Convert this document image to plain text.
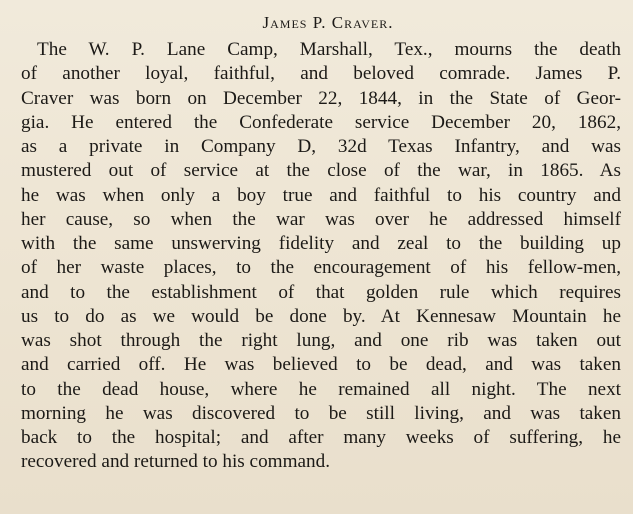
James P. Craver.
The W. P. Lane Camp, Marshall, Tex., mourns the death
of another loyal, faithful, and beloved comrade. James P.
Craver was born on December 22, 1844, in the State of Geor-
gia. He entered the Confederate service December 20, 1862,
as a private in Company D, 32d Texas Infantry, and was
mustered out of service at the close of the war, in 1865. As
he was when only a boy true and faithful to his country and
her cause, so when the war was over he addressed himself
with the same unswerving fidelity and zeal to the building up
of her waste places, to the encouragement of his fellow-men,
and to the establishment of that golden rule which requires
us to do as we would be done by. At Kennesaw Mountain he
was shot through the right lung, and one rib was taken out
and carried off. He was believed to be dead, and was taken
to the dead house, where he remained all night. The next
morning he was discovered to be still living, and was taken
back to the hospital; and after many weeks of suffering, he
recovered and returned to his command.
